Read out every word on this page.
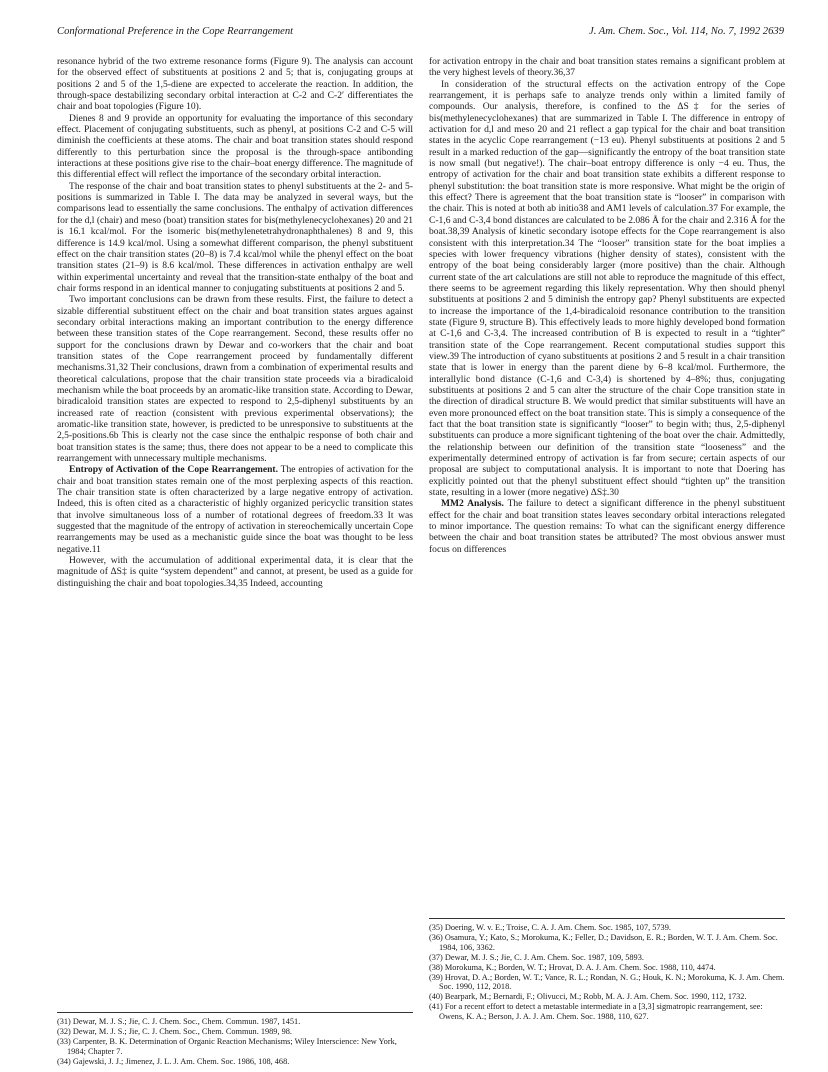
Conformational Preference in the Cope Rearrangement	J. Am. Chem. Soc., Vol. 114, No. 7, 1992 2639

resonance hybrid of the two extreme resonance forms (Figure 9). The analysis can account for the observed effect of substituents at positions 2 and 5; that is, conjugating groups at positions 2 and 5 of the 1,5-diene are expected to accelerate the reaction. In addition, the through-space destabilizing secondary orbital interaction at C-2 and C-2′ differentiates the chair and boat topologies (Figure 10).

Dienes 8 and 9 provide an opportunity for evaluating the importance of this secondary effect. Placement of conjugating substituents, such as phenyl, at positions C-2 and C-5 will diminish the coefficients at these atoms. The chair and boat transition states should respond differently to this perturbation since the proposal is the through-space antibonding interactions at these positions give rise to the chair–boat energy difference. The magnitude of this differential effect will reflect the importance of the secondary orbital interaction.

The response of the chair and boat transition states to phenyl substituents at the 2- and 5-positions is summarized in Table I. The data may be analyzed in several ways, but the comparisons lead to essentially the same conclusions. The enthalpy of activation differences for the d,l (chair) and meso (boat) transition states for bis(methylenecyclohexanes) 20 and 21 is 16.1 kcal/mol. For the isomeric bis(methylenetetrahydronaphthalenes) 8 and 9, this difference is 14.9 kcal/mol. Using a somewhat different comparison, the phenyl substituent effect on the chair transition states (20–8) is 7.4 kcal/mol while the phenyl effect on the boat transition states (21–9) is 8.6 kcal/mol. These differences in activation enthalpy are well within experimental uncertainty and reveal that the transition-state enthalpy of the boat and chair forms respond in an identical manner to conjugating substituents at positions 2 and 5.

Two important conclusions can be drawn from these results. First, the failure to detect a sizable differential substituent effect on the chair and boat transition states argues against secondary orbital interactions making an important contribution to the energy difference between these transition states of the Cope rearrangement. Second, these results offer no support for the conclusions drawn by Dewar and co-workers that the chair and boat transition states of the Cope rearrangement proceed by fundamentally different mechanisms.31,32 Their conclusions, drawn from a combination of experimental results and theoretical calculations, propose that the chair transition state proceeds via a biradicaloid mechanism while the boat proceeds by an aromatic-like transition state. According to Dewar, biradicaloid transition states are expected to respond to 2,5-diphenyl substituents by an increased rate of reaction (consistent with previous experimental observations); the aromatic-like transition state, however, is predicted to be unresponsive to substituents at the 2,5-positions.6b This is clearly not the case since the enthalpic response of both chair and boat transition states is the same; thus, there does not appear to be a need to complicate this rearrangement with unnecessary multiple mechanisms.

Entropy of Activation of the Cope Rearrangement. The entropies of activation for the chair and boat transition states remain one of the most perplexing aspects of this reaction. The chair transition state is often characterized by a large negative entropy of activation. Indeed, this is often cited as a characteristic of highly organized pericyclic transition states that involve simultaneous loss of a number of rotational degrees of freedom.33 It was suggested that the magnitude of the entropy of activation in stereochemically uncertain Cope rearrangements may be used as a mechanistic guide since the boat was thought to be less negative.11

However, with the accumulation of additional experimental data, it is clear that the magnitude of ΔS‡ is quite “system dependent” and cannot, at present, be used as a guide for distinguishing the chair and boat topologies.34,35 Indeed, accounting

(31) Dewar, M. J. S.; Jie, C. J. Chem. Soc., Chem. Commun. 1987, 1451.
(32) Dewar, M. J. S.; Jie, C. J. Chem. Soc., Chem. Commun. 1989, 98.
(33) Carpenter, B. K. Determination of Organic Reaction Mechanisms; Wiley Interscience: New York, 1984; Chapter 7.
(34) Gajewski, J. J.; Jimenez, J. L. J. Am. Chem. Soc. 1986, 108, 468.

for activation entropy in the chair and boat transition states remains a significant problem at the very highest levels of theory.36,37

In consideration of the structural effects on the activation entropy of the Cope rearrangement, it is perhaps safe to analyze trends only within a limited family of compounds. Our analysis, therefore, is confined to the ΔS‡ for the series of bis(methylenecyclohexanes) that are summarized in Table I. The difference in entropy of activation for d,l and meso 20 and 21 reflect a gap typical for the chair and boat transition states in the acyclic Cope rearrangement (−13 eu). Phenyl substituents at positions 2 and 5 result in a marked reduction of the gap—significantly the entropy of the boat transition state is now small (but negative!). The chair–boat entropy difference is only −4 eu. Thus, the entropy of activation for the chair and boat transition state exhibits a different response to phenyl substitution: the boat transition state is more responsive. What might be the origin of this effect? There is agreement that the boat transition state is “looser” in comparison with the chair. This is noted at both ab initio38 and AM1 levels of calculation.37 For example, the C-1,6 and C-3,4 bond distances are calculated to be 2.086 Å for the chair and 2.316 Å for the boat.38,39 Analysis of kinetic secondary isotope effects for the Cope rearrangement is also consistent with this interpretation.34 The “looser” transition state for the boat implies a species with lower frequency vibrations (higher density of states), consistent with the entropy of the boat being considerably larger (more positive) than the chair. Although current state of the art calculations are still not able to reproduce the magnitude of this effect, there seems to be agreement regarding this likely representation. Why then should phenyl substituents at positions 2 and 5 diminish the entropy gap? Phenyl substituents are expected to increase the importance of the 1,4-biradicaloid resonance contribution to the transition state (Figure 9, structure B). This effectively leads to more highly developed bond formation at C-1,6 and C-3,4. The increased contribution of B is expected to result in a “tighter” transition state of the Cope rearrangement. Recent computational studies support this view.39 The introduction of cyano substituents at positions 2 and 5 result in a chair transition state that is lower in energy than the parent diene by 6–8 kcal/mol. Furthermore, the interallylic bond distance (C-1,6 and C-3,4) is shortened by 4–8%; thus, conjugating substituents at positions 2 and 5 can alter the structure of the chair Cope transition state in the direction of diradical structure B. We would predict that similar substituents will have an even more pronounced effect on the boat transition state. This is simply a consequence of the fact that the boat transition state is significantly “looser” to begin with; thus, 2,5-diphenyl substituents can produce a more significant tightening of the boat over the chair. Admittedly, the relationship between our definition of the transition state “looseness” and the experimentally determined entropy of activation is far from secure; certain aspects of our proposal are subject to computational analysis. It is important to note that Doering has explicitly pointed out that the phenyl substituent effect should “tighten up” the transition state, resulting in a lower (more negative) ΔS‡.30

MM2 Analysis. The failure to detect a significant difference in the phenyl substituent effect for the chair and boat transition states leaves secondary orbital interactions relegated to minor importance. The question remains: To what can the significant energy difference between the chair and boat transition states be attributed? The most obvious answer must focus on differences

(35) Doering, W. v. E.; Troise, C. A. J. Am. Chem. Soc. 1985, 107, 5739.
(36) Osamura, Y.; Kato, S.; Morokuma, K.; Feller, D.; Davidson, E. R.; Borden, W. T. J. Am. Chem. Soc. 1984, 106, 3362.
(37) Dewar, M. J. S.; Jie, C. J. Am. Chem. Soc. 1987, 109, 5893.
(38) Morokuma, K.; Borden, W. T.; Hrovat, D. A. J. Am. Chem. Soc. 1988, 110, 4474.
(39) Hrovat, D. A.; Borden, W. T.; Vance, R. L.; Rondan, N. G.; Houk, K. N.; Morokuma, K. J. Am. Chem. Soc. 1990, 112, 2018.
(40) Bearpark, M.; Bernardi, F.; Olivucci, M.; Robb, M. A. J. Am. Chem. Soc. 1990, 112, 1732.
(41) For a recent effort to detect a metastable intermediate in a [3,3] sigmatropic rearrangement, see: Owens, K. A.; Berson, J. A. J. Am. Chem. Soc. 1988, 110, 627.
